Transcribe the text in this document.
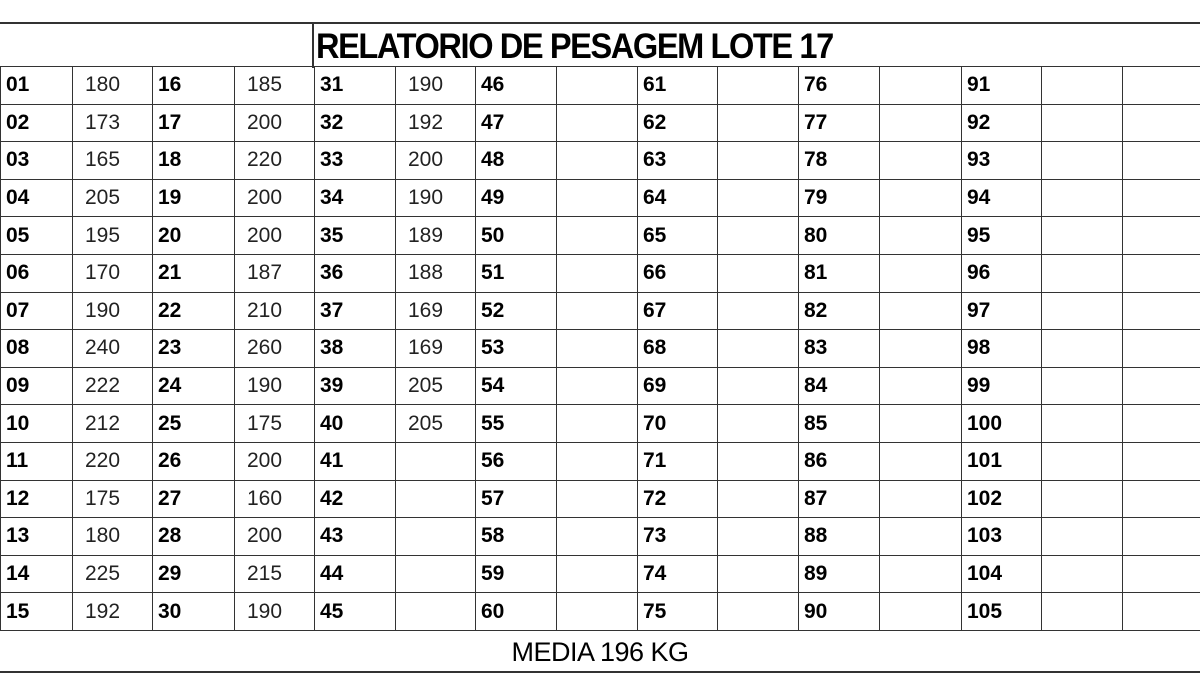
RELATORIO DE PESAGEM LOTE 17
01	180	16	185	31	190	46		61		76		91		
02	173	17	200	32	192	47		62		77		92		
03	165	18	220	33	200	48		63		78		93		
04	205	19	200	34	190	49		64		79		94		
05	195	20	200	35	189	50		65		80		95		
06	170	21	187	36	188	51		66		81		96		
07	190	22	210	37	169	52		67		82		97		
08	240	23	260	38	169	53		68		83		98		
09	222	24	190	39	205	54		69		84		99		
10	212	25	175	40	205	55		70		85		100		
11	220	26	200	41		56		71		86		101		
12	175	27	160	42		57		72		87		102		
13	180	28	200	43		58		73		88		103		
14	225	29	215	44		59		74		89		104		
15	192	30	190	45		60		75		90		105		
MEDIA 196 KG
